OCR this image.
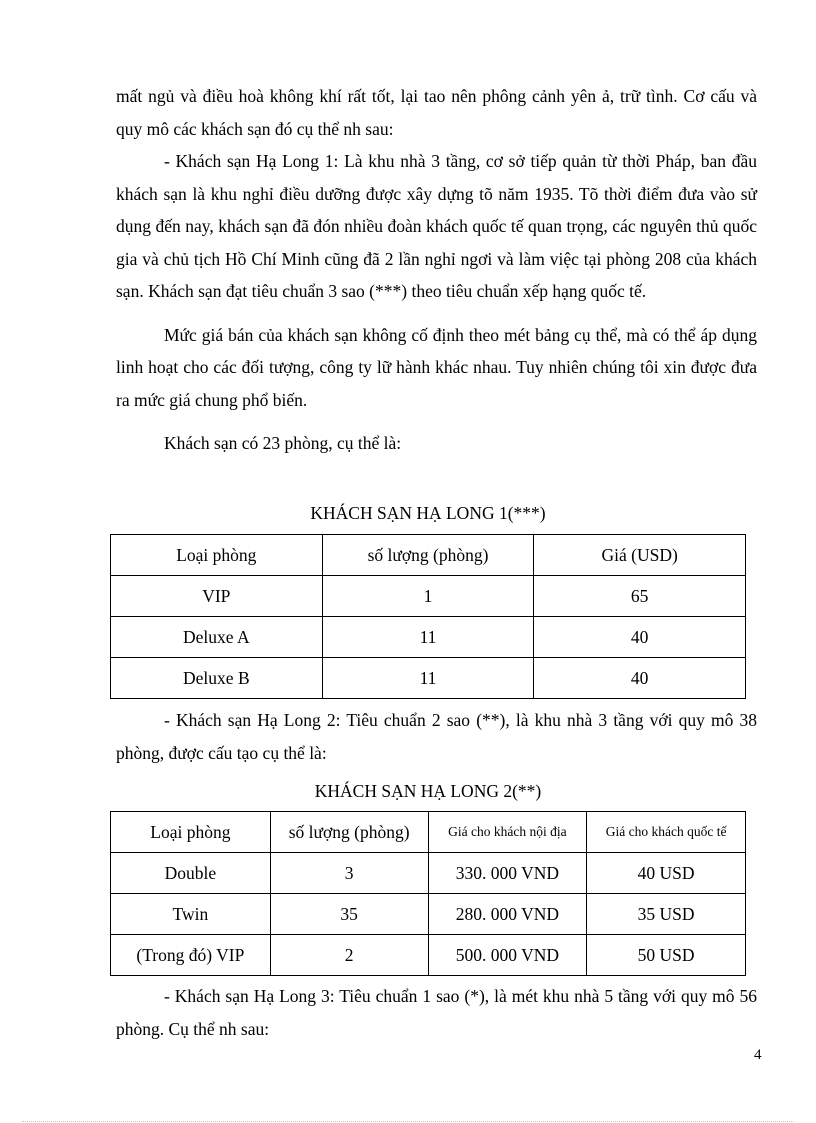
mất ngủ và điều hoà không khí rất tốt, lại tao nên phông cảnh yên ả, trữ tình. Cơ cấu và quy mô các khách sạn đó cụ thể nh sau:

- Khách sạn Hạ Long 1: Là khu nhà 3 tầng, cơ sở tiếp quản từ thời Pháp, ban đầu khách sạn là khu nghỉ điều dưỡng được xây dựng tõ năm 1935. Tõ thời điểm đưa vào sử dụng đến nay, khách sạn đã đón nhiều đoàn khách quốc tế quan trọng, các nguyên thủ quốc gia và chủ tịch Hồ Chí Minh cũng đã 2 lần nghỉ ngơi và làm việc tại phòng 208 của khách sạn. Khách sạn đạt tiêu chuẩn 3 sao (***) theo tiêu chuẩn xếp hạng quốc tế.

Mức giá bán của khách sạn không cố định theo mét bảng cụ thể, mà có thể áp dụng linh hoạt cho các đối tượng, công ty lữ hành khác nhau. Tuy nhiên chúng tôi xin được đưa ra mức giá chung phổ biến.

Khách sạn có 23 phòng, cụ thể là:

KHÁCH SẠN HẠ LONG 1(***)
Loại phòng	số lượng (phòng)	Giá (USD)
VIP	1	65
Deluxe A	11	40
Deluxe B	11	40

- Khách sạn Hạ Long 2: Tiêu chuẩn 2 sao (**), là khu nhà 3 tầng với quy mô 38 phòng, được cấu tạo cụ thể là:

KHÁCH SẠN HẠ LONG 2(**)
Loại phòng	số lượng (phòng)	Giá cho khách nội địa	Giá cho khách quốc tế
Double	3	330. 000 VND	40 USD
Twin	35	280. 000 VND	35 USD
(Trong đó) VIP	2	500. 000 VND	50 USD

- Khách sạn Hạ Long 3: Tiêu chuẩn 1 sao (*), là mét khu nhà 5 tầng với quy mô 56 phòng. Cụ thể nh sau:

4
